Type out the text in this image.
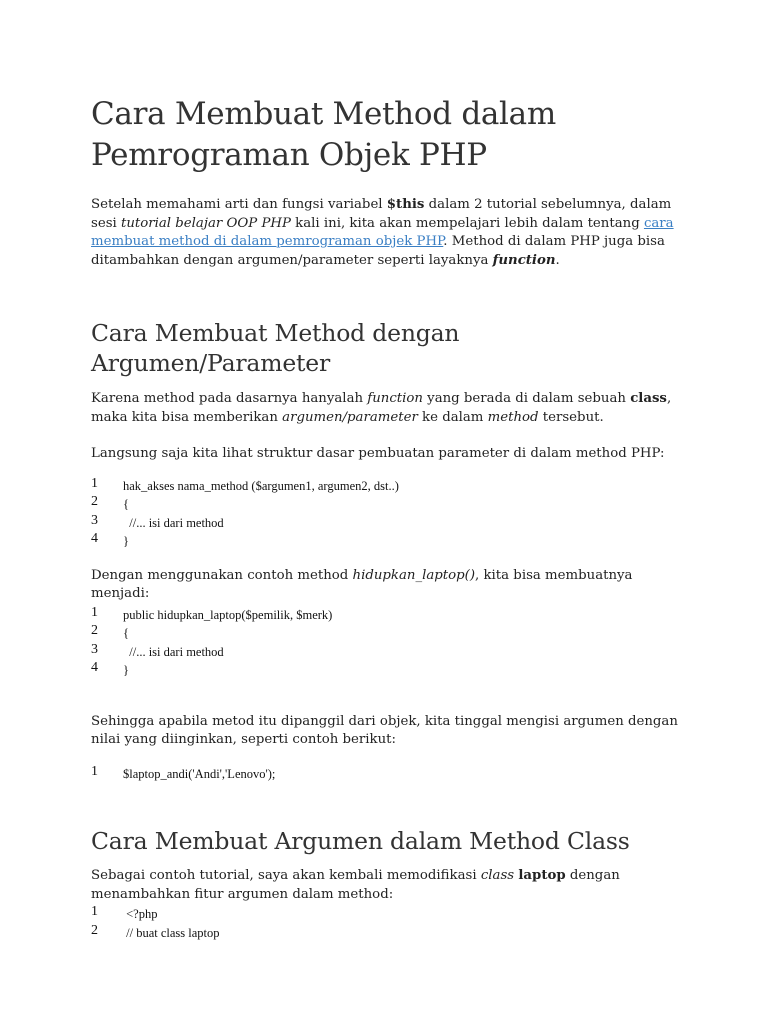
Cara Membuat Method dalam Pemrograman Objek PHP

Setelah memahami arti dan fungsi variabel $this dalam 2 tutorial sebelumnya, dalam sesi tutorial belajar OOP PHP kali ini, kita akan mempelajari lebih dalam tentang cara membuat method di dalam pemrograman objek PHP. Method di dalam PHP juga bisa ditambahkan dengan argumen/parameter seperti layaknya function.

Cara Membuat Method dengan Argumen/Parameter

Karena method pada dasarnya hanyalah function yang berada di dalam sebuah class, maka kita bisa memberikan argumen/parameter ke dalam method tersebut.

Langsung saja kita lihat struktur dasar pembuatan parameter di dalam method PHP:

1	hak_akses nama_method ($argumen1, argumen2, dst..)
2	{
3	//... isi dari method
4	}

Dengan menggunakan contoh method hidupkan_laptop(), kita bisa membuatnya menjadi:

1	public hidupkan_laptop($pemilik, $merk)
2	{
3	//... isi dari method
4	}

Sehingga apabila metod itu dipanggil dari objek, kita tinggal mengisi argumen dengan nilai yang diinginkan, seperti contoh berikut:

1	$laptop_andi('Andi','Lenovo');
Cara Membuat Argumen dalam Method Class

Sebagai contoh tutorial, saya akan kembali memodifikasi class laptop dengan menambahkan fitur argumen dalam method:

1	<?php
2	// buat class laptop
